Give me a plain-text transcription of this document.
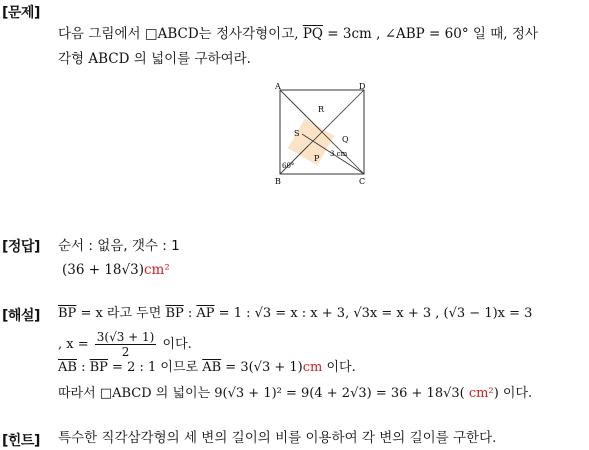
[문제]
다음 그림에서 □ABCD는 정사각형이고, $\overline{PQ} = 3cm$ , ∠ABP = 60° 일 때, 정사
각형 ABCD 의 넓이를 구하여라.
A	D
B	C
R
S
Q
P
60°
3 cm
[정답] 순서 : 없음, 갯수 : 1
(36 + 18√3)cm²
[해설] $\overline{BP} = x$ 라고 두면 $\overline{BP}$ : $\overline{AP} = 1$ : √3 = x : x + 3, √3x = x + 3 , (√3 − 1)x = 3
, $x = \frac{3(√3 + 1)}{2}$ 이다.
$\overline{AB}$ : $\overline{BP} = 2$ : 1 이므로 $\overline{AB} = 3(√3 + 1)cm$ 이다.
따라서 □ABCD 의 넓이는 9(√3 + 1)² = 9(4 + 2√3) = 36 + 18√3( cm²) 이다.
[힌트] 특수한 직각삼각형의 세 변의 길이의 비를 이용하여 각 변의 길이를 구한다.
